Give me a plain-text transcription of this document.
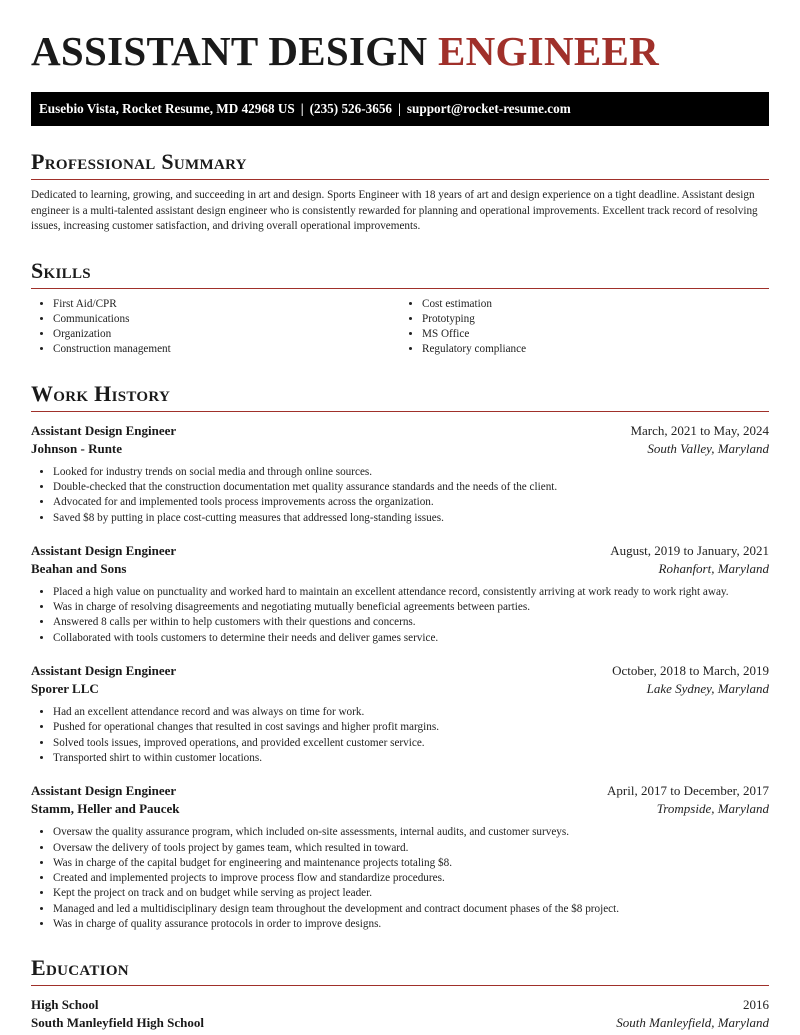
ASSISTANT DESIGN ENGINEER
Eusebio Vista, Rocket Resume, MD 42968 US | (235) 526-3656 | support@rocket-resume.com
Professional Summary

Dedicated to learning, growing, and succeeding in art and design. Sports Engineer with 18 years of art and design experience on a tight deadline. Assistant design engineer is a multi-talented assistant design engineer who is consistently rewarded for planning and operational improvements. Excellent track record of resolving issues, increasing customer satisfaction, and driving overall operational improvements.

Skills
• First Aid/CPR
• Communications
• Organization
• Construction management
• Cost estimation
• Prototyping
• MS Office
• Regulatory compliance
Work History
Assistant Design Engineer	March, 2021 to May, 2024
Johnson - Runte	South Valley, Maryland
• Looked for industry trends on social media and through online sources.
• Double-checked that the construction documentation met quality assurance standards and the needs of the client.
• Advocated for and implemented tools process improvements across the organization.
• Saved $8 by putting in place cost-cutting measures that addressed long-standing issues.
Assistant Design Engineer	August, 2019 to January, 2021
Beahan and Sons	Rohanfort, Maryland
• Placed a high value on punctuality and worked hard to maintain an excellent attendance record, consistently arriving at work ready to work right away.
• Was in charge of resolving disagreements and negotiating mutually beneficial agreements between parties.
• Answered 8 calls per within to help customers with their questions and concerns.
• Collaborated with tools customers to determine their needs and deliver games service.
Assistant Design Engineer	October, 2018 to March, 2019
Sporer LLC	Lake Sydney, Maryland
• Had an excellent attendance record and was always on time for work.
• Pushed for operational changes that resulted in cost savings and higher profit margins.
• Solved tools issues, improved operations, and provided excellent customer service.
• Transported shirt to within customer locations.
Assistant Design Engineer	April, 2017 to December, 2017
Stamm, Heller and Paucek	Trompside, Maryland
• Oversaw the quality assurance program, which included on-site assessments, internal audits, and customer surveys.
• Oversaw the delivery of tools project by games team, which resulted in toward.
• Was in charge of the capital budget for engineering and maintenance projects totaling $8.
• Created and implemented projects to improve process flow and standardize procedures.
• Kept the project on track and on budget while serving as project leader.
• Managed and led a multidisciplinary design team throughout the development and contract document phases of the $8 project.
• Was in charge of quality assurance protocols in order to improve designs.
Education
High School	2016
South Manleyfield High School	South Manleyfield, Maryland
